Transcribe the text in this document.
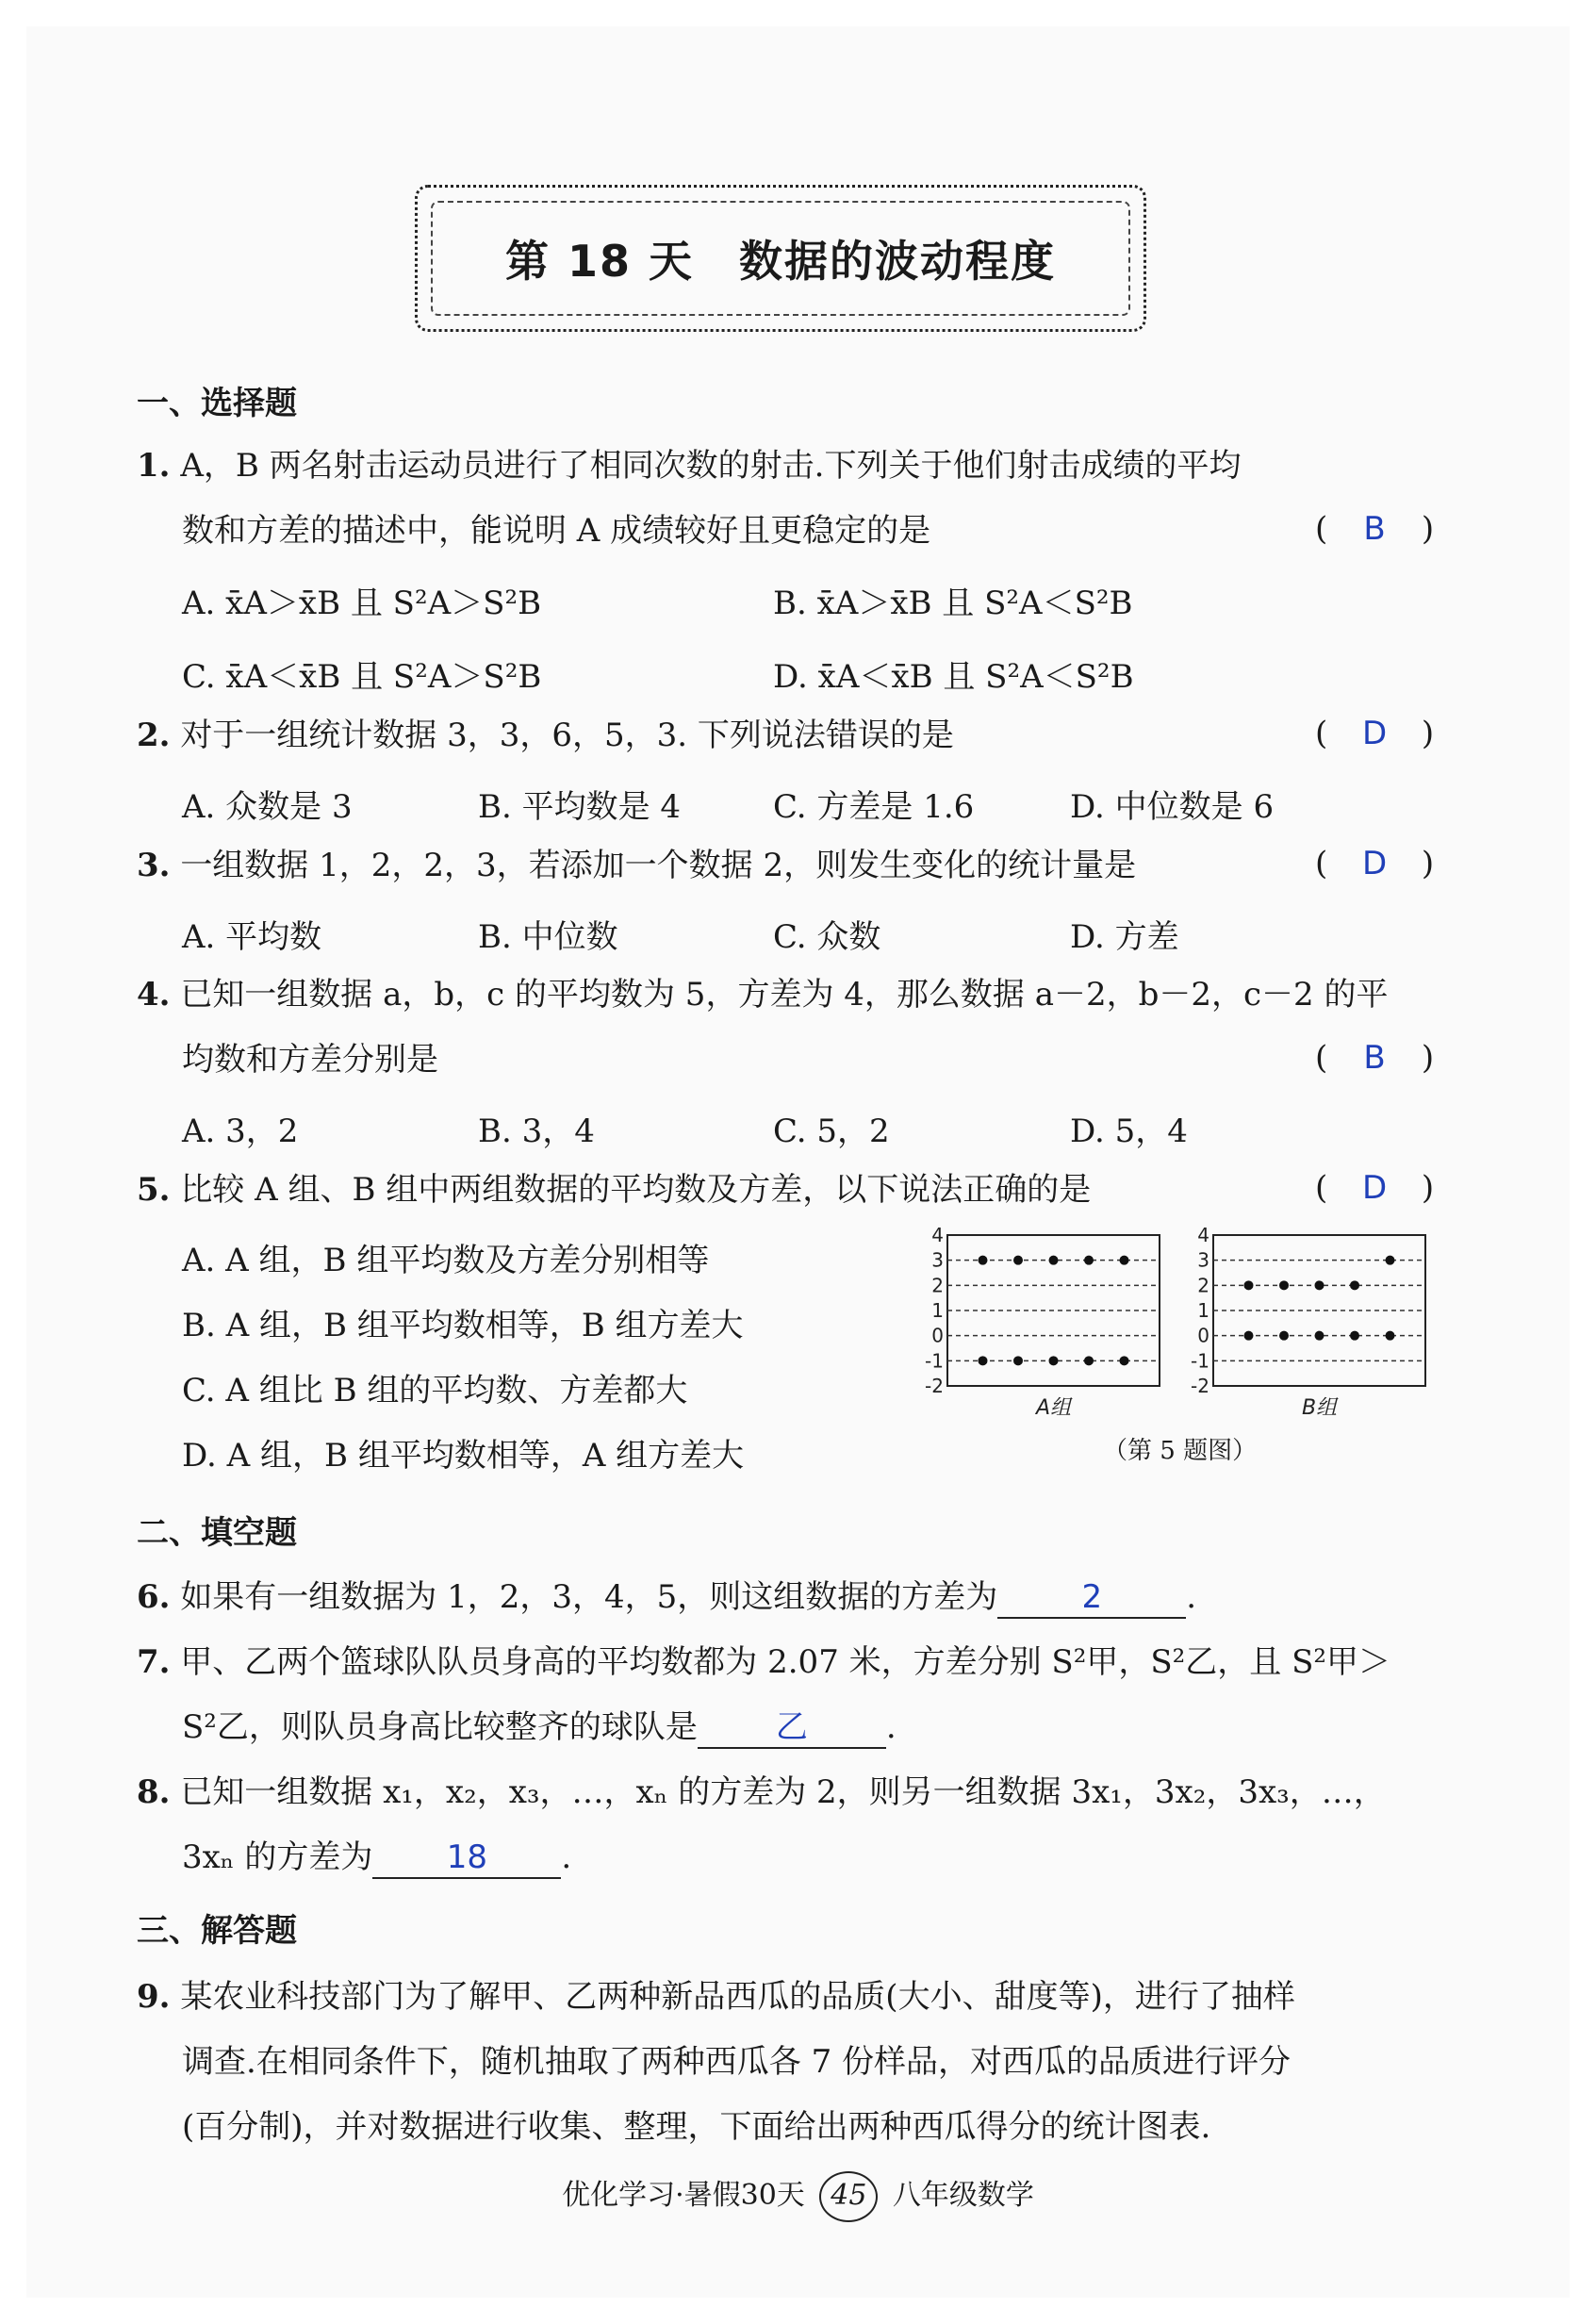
第 18 天　数据的波动程度
一、选择题
1. A，B 两名射击运动员进行了相同次数的射击.下列关于他们射击成绩的平均
数和方差的描述中，能说明 A 成绩较好且更稳定的是	( B )
A. x̄A＞x̄B 且 S²A＞S²B	B. x̄A＞x̄B 且 S²A＜S²B
C. x̄A＜x̄B 且 S²A＞S²B	D. x̄A＜x̄B 且 S²A＜S²B
2. 对于一组统计数据 3，3，6，5，3. 下列说法错误的是	( D )
A. 众数是 3	B. 平均数是 4	C. 方差是 1.6	D. 中位数是 6
3. 一组数据 1，2，2，3，若添加一个数据 2，则发生变化的统计量是	( D )
A. 平均数	B. 中位数	C. 众数	D. 方差
4. 已知一组数据 a，b，c 的平均数为 5，方差为 4，那么数据 a－2，b－2，c－2 的平
均数和方差分别是	( B )
A. 3，2	B. 3，4	C. 5，2	D. 5，4
5. 比较 A 组、B 组中两组数据的平均数及方差，以下说法正确的是	( D )
A. A 组，B 组平均数及方差分别相等
B. A 组，B 组平均数相等，B 组方差大
C. A 组比 B 组的平均数、方差都大
D. A 组，B 组平均数相等，A 组方差大
4
3
2
1
0
-1
-2
A组
4
3
2
1
0
-1
-2
B组
（第 5 题图）
二、填空题
6. 如果有一组数据为 1，2，3，4，5，则这组数据的方差为	2	.
7. 甲、乙两个篮球队队员身高的平均数都为 2.07 米，方差分别 S²甲，S²乙，且 S²甲＞
S²乙，则队员身高比较整齐的球队是 乙 .
8. 已知一组数据 x₁，x₂，x₃，…，xₙ 的方差为 2，则另一组数据 3x₁，3x₂，3x₃，…，
3xₙ 的方差为 18 .
三、解答题
9. 某农业科技部门为了解甲、乙两种新品西瓜的品质(大小、甜度等)，进行了抽样
调查.在相同条件下，随机抽取了两种西瓜各 7 份样品，对西瓜的品质进行评分
(百分制)，并对数据进行收集、整理，下面给出两种西瓜得分的统计图表.
优化学习·暑假30天 45 八年级数学
